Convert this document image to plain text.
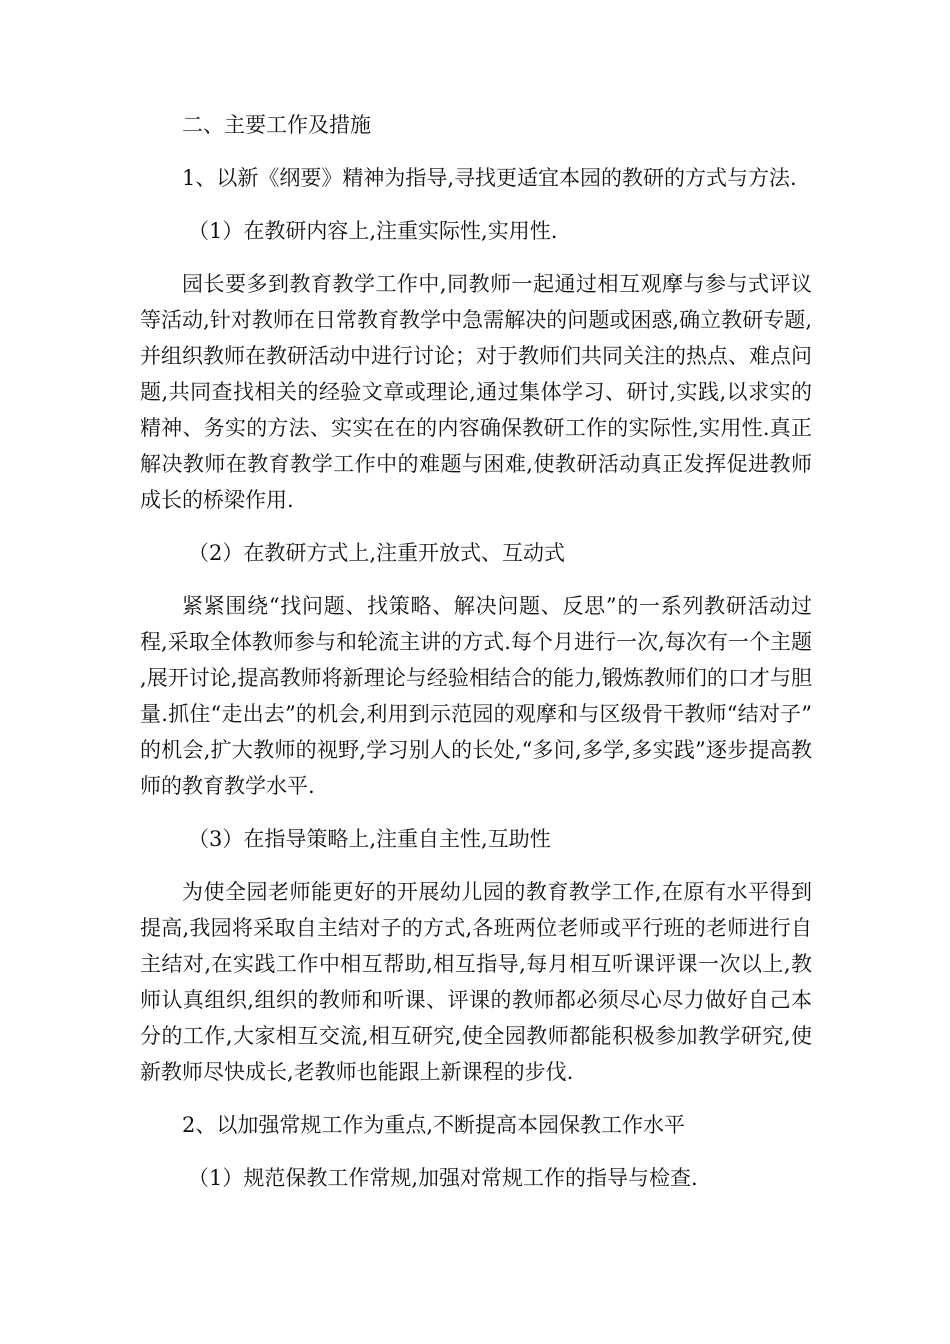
二、主要工作及措施

1、以新《纲要》精神为指导,寻找更适宜本园的教研的方式与方法.

（1）在教研内容上,注重实际性,实用性.

园长要多到教育教学工作中,同教师一起通过相互观摩与参与式评议等活动,针对教师在日常教育教学中急需解决的问题或困惑,确立教研专题,并组织教师在教研活动中进行讨论；对于教师们共同关注的热点、难点问题,共同查找相关的经验文章或理论,通过集体学习、研讨,实践,以求实的精神、务实的方法、实实在在的内容确保教研工作的实际性,实用性.真正解决教师在教育教学工作中的难题与困难,使教研活动真正发挥促进教师成长的桥梁作用.

（2）在教研方式上,注重开放式、互动式

紧紧围绕“找问题、找策略、解决问题、反思”的一系列教研活动过程,采取全体教师参与和轮流主讲的方式.每个月进行一次,每次有一个主题,展开讨论,提高教师将新理论与经验相结合的能力,锻炼教师们的口才与胆量.抓住“走出去”的机会,利用到示范园的观摩和与区级骨干教师“结对子”的机会,扩大教师的视野,学习别人的长处,“多问,多学,多实践”逐步提高教师的教育教学水平.

（3）在指导策略上,注重自主性,互助性

为使全园老师能更好的开展幼儿园的教育教学工作,在原有水平得到提高,我园将采取自主结对子的方式,各班两位老师或平行班的老师进行自主结对,在实践工作中相互帮助,相互指导,每月相互听课评课一次以上,教师认真组织,组织的教师和听课、评课的教师都必须尽心尽力做好自己本分的工作,大家相互交流,相互研究,使全园教师都能积极参加教学研究,使新教师尽快成长,老教师也能跟上新课程的步伐.

2、以加强常规工作为重点,不断提高本园保教工作水平

（1）规范保教工作常规,加强对常规工作的指导与检查.
